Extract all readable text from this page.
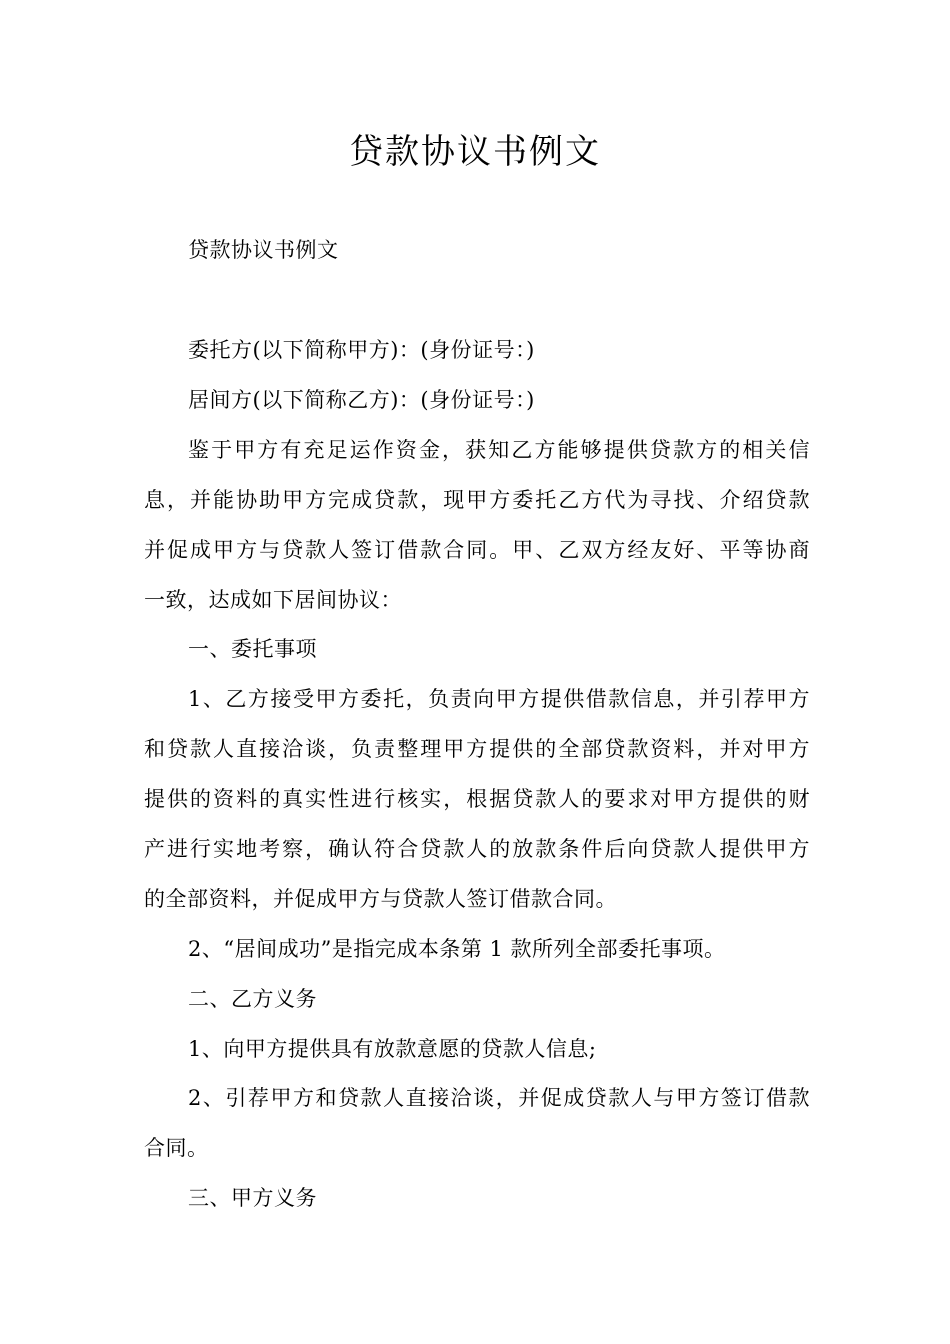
贷款协议书例文

贷款协议书例文

委托方(以下简称甲方)：(身份证号：)

居间方(以下简称乙方)：(身份证号：)

鉴于甲方有充足运作资金，获知乙方能够提供贷款方的相关信

息，并能协助甲方完成贷款，现甲方委托乙方代为寻找、介绍贷款

并促成甲方与贷款人签订借款合同。甲、乙双方经友好、平等协商

一致，达成如下居间协议：

一、委托事项

1、乙方接受甲方委托，负责向甲方提供借款信息，并引荐甲方

和贷款人直接洽谈，负责整理甲方提供的全部贷款资料，并对甲方

提供的资料的真实性进行核实，根据贷款人的要求对甲方提供的财

产进行实地考察，确认符合贷款人的放款条件后向贷款人提供甲方

的全部资料，并促成甲方与贷款人签订借款合同。

2、“居间成功”是指完成本条第 1 款所列全部委托事项。

二、乙方义务

1、向甲方提供具有放款意愿的贷款人信息;

2、引荐甲方和贷款人直接洽谈，并促成贷款人与甲方签订借款

合同。

三、甲方义务
